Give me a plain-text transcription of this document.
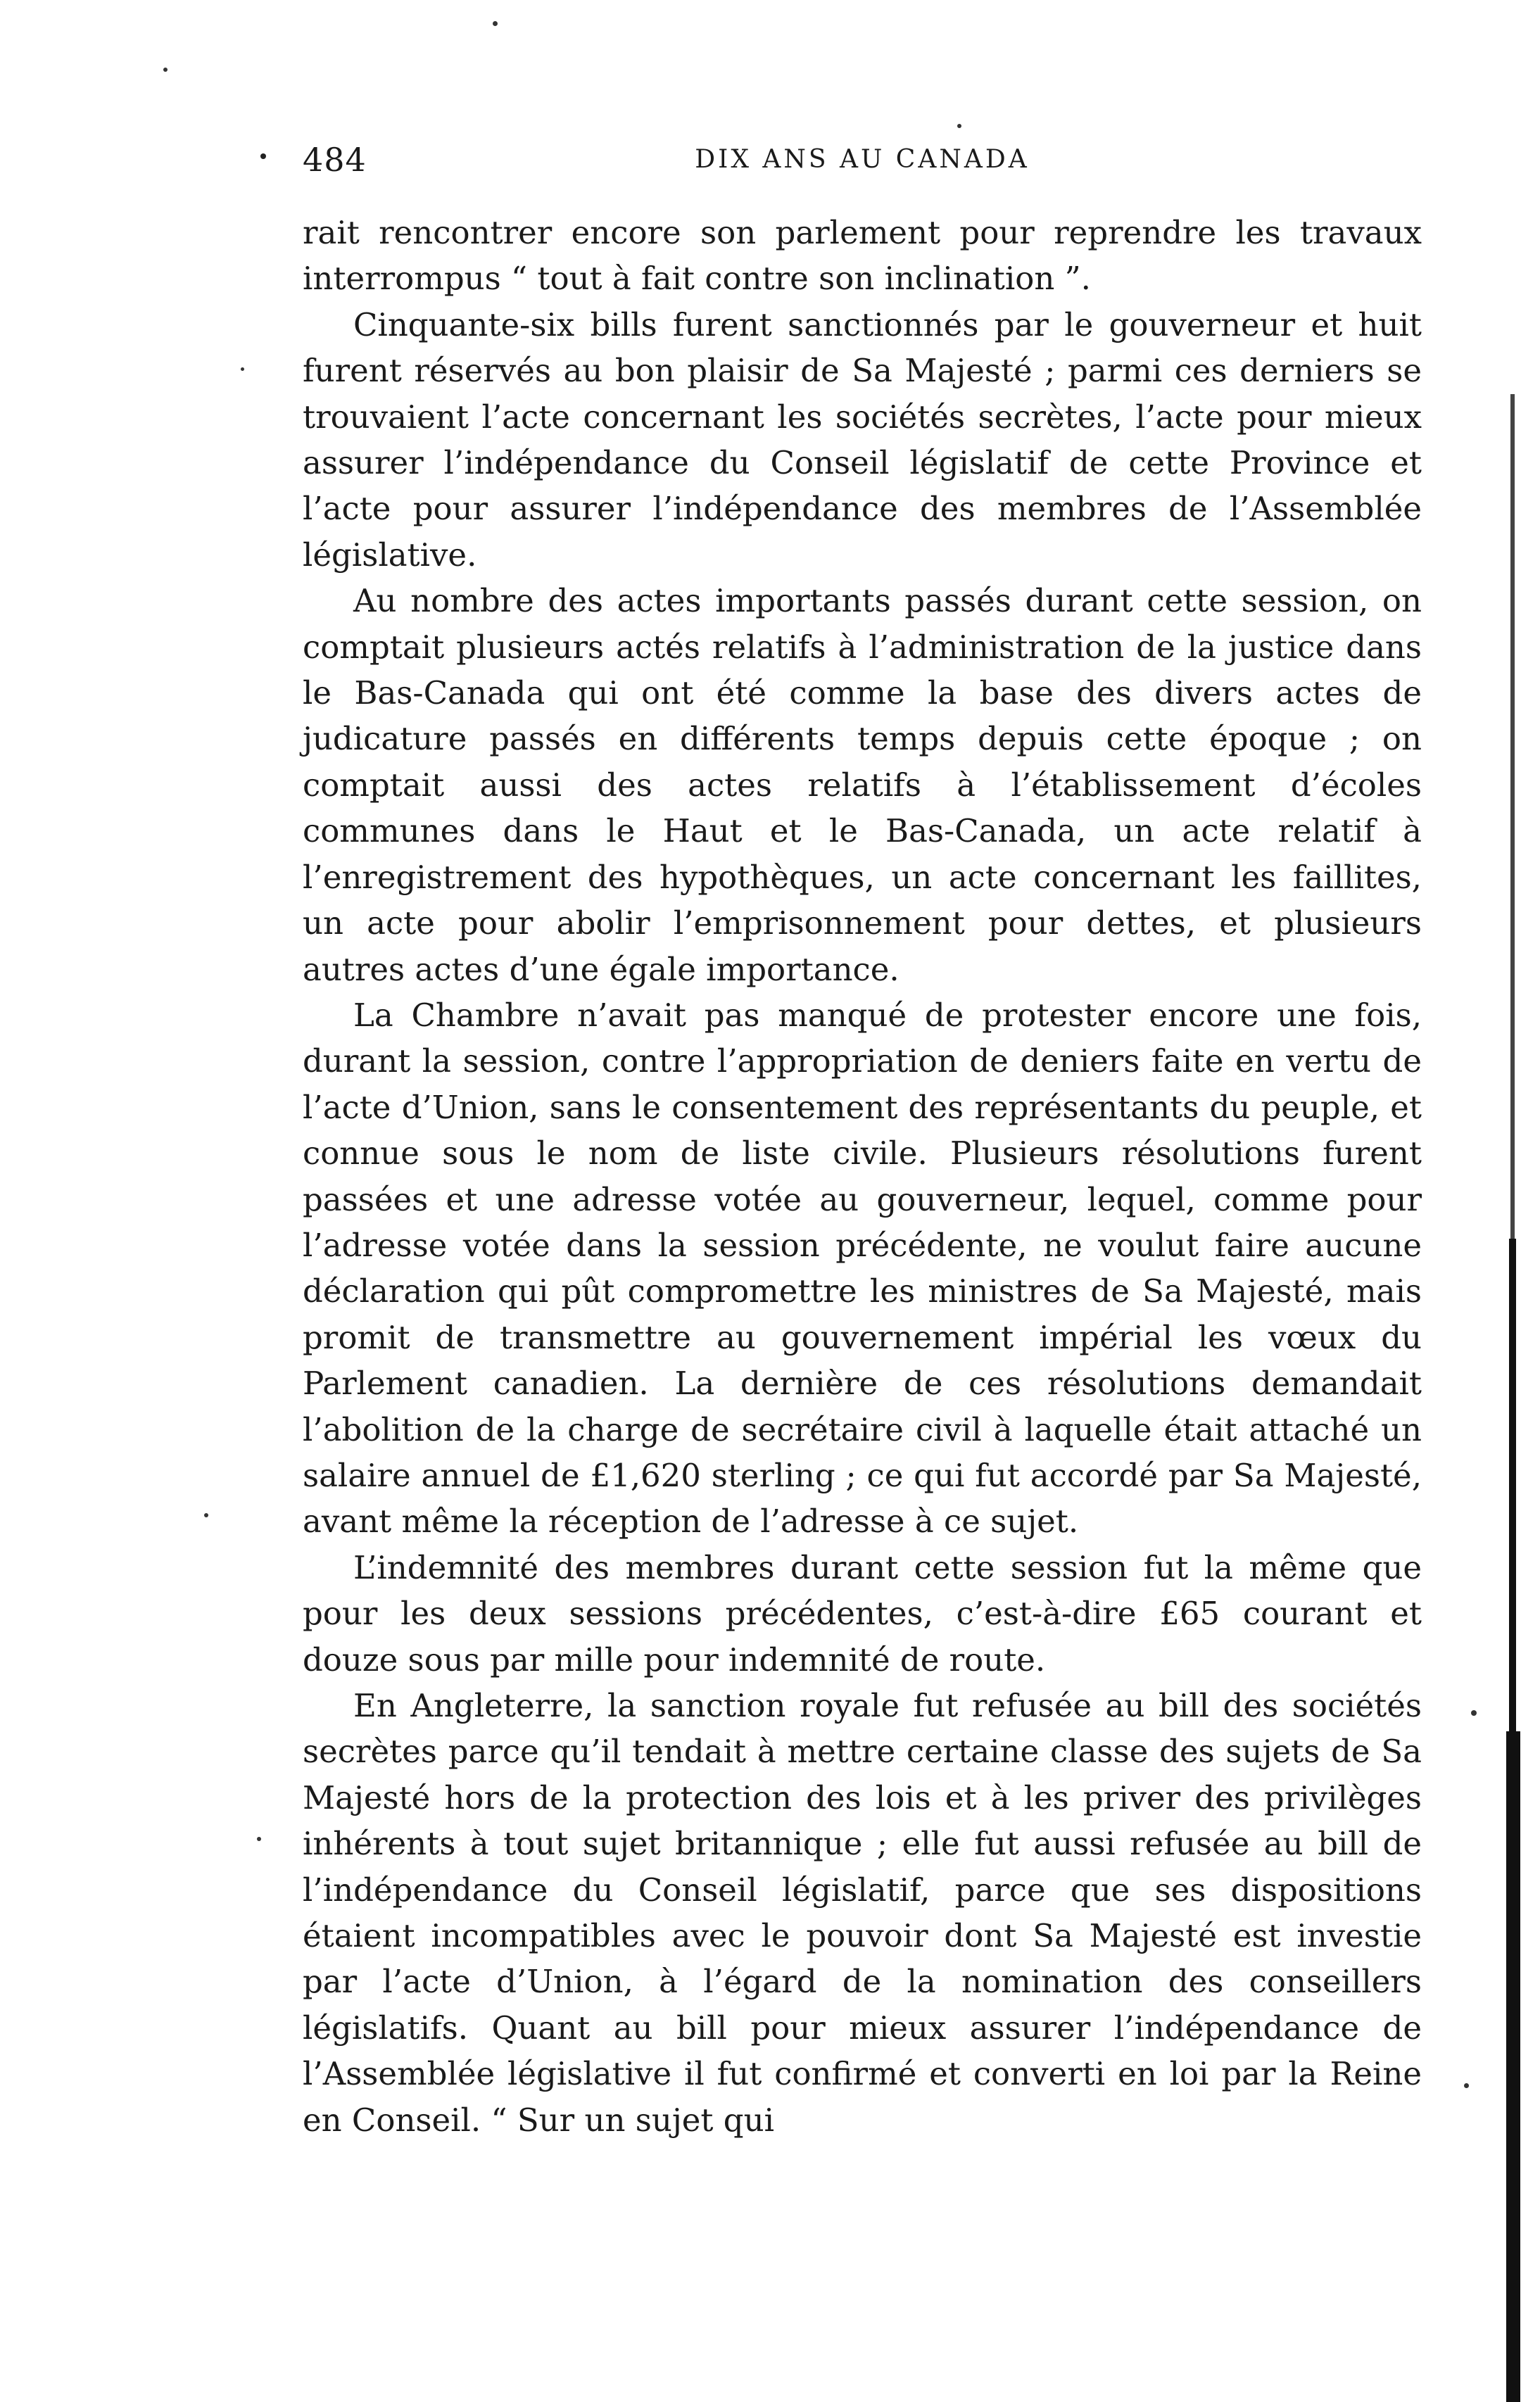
484	DIX ANS AU CANADA

rait rencontrer encore son parlement pour reprendre les travaux interrompus “ tout à fait contre son inclination ”.

Cinquante-six bills furent sanctionnés par le gouverneur et huit furent réservés au bon plaisir de Sa Majesté ; parmi ces derniers se trouvaient l’acte concernant les sociétés secrètes, l’acte pour mieux assurer l’indépendance du Conseil législatif de cette Province et l’acte pour assurer l’indépendance des membres de l’Assemblée législative.

Au nombre des actes importants passés durant cette session, on comptait plusieurs actés relatifs à l’administration de la justice dans le Bas-Canada qui ont été comme la base des divers actes de judicature passés en différents temps depuis cette époque ; on comptait aussi des actes relatifs à l’établissement d’écoles communes dans le Haut et le Bas-Canada, un acte relatif à l’enregistrement des hypothèques, un acte concernant les faillites, un acte pour abolir l’emprisonnement pour dettes, et plusieurs autres actes d’une égale importance.

La Chambre n’avait pas manqué de protester encore une fois, durant la session, contre l’appropriation de deniers faite en vertu de l’acte d’Union, sans le consentement des représentants du peuple, et connue sous le nom de liste civile. Plusieurs résolutions furent passées et une adresse votée au gouverneur, lequel, comme pour l’adresse votée dans la session précédente, ne voulut faire aucune déclaration qui pût compromettre les ministres de Sa Majesté, mais promit de transmettre au gouvernement impérial les vœux du Parlement canadien. La dernière de ces résolutions demandait l’abolition de la charge de secrétaire civil à laquelle était attaché un salaire annuel de £1,620 sterling ; ce qui fut accordé par Sa Majesté, avant même la réception de l’adresse à ce sujet.

L’indemnité des membres durant cette session fut la même que pour les deux sessions précédentes, c’est-à-dire £65 courant et douze sous par mille pour indemnité de route.

En Angleterre, la sanction royale fut refusée au bill des sociétés secrètes parce qu’il tendait à mettre certaine classe des sujets de Sa Majesté hors de la protection des lois et à les priver des privilèges inhérents à tout sujet britannique ; elle fut aussi refusée au bill de l’indépendance du Conseil législatif, parce que ses dispositions étaient incompatibles avec le pouvoir dont Sa Majesté est investie par l’acte d’Union, à l’égard de la nomination des conseillers législatifs. Quant au bill pour mieux assurer l’indépendance de l’Assemblée législative il fut confirmé et converti en loi par la Reine en Conseil. “ Sur un sujet qui
